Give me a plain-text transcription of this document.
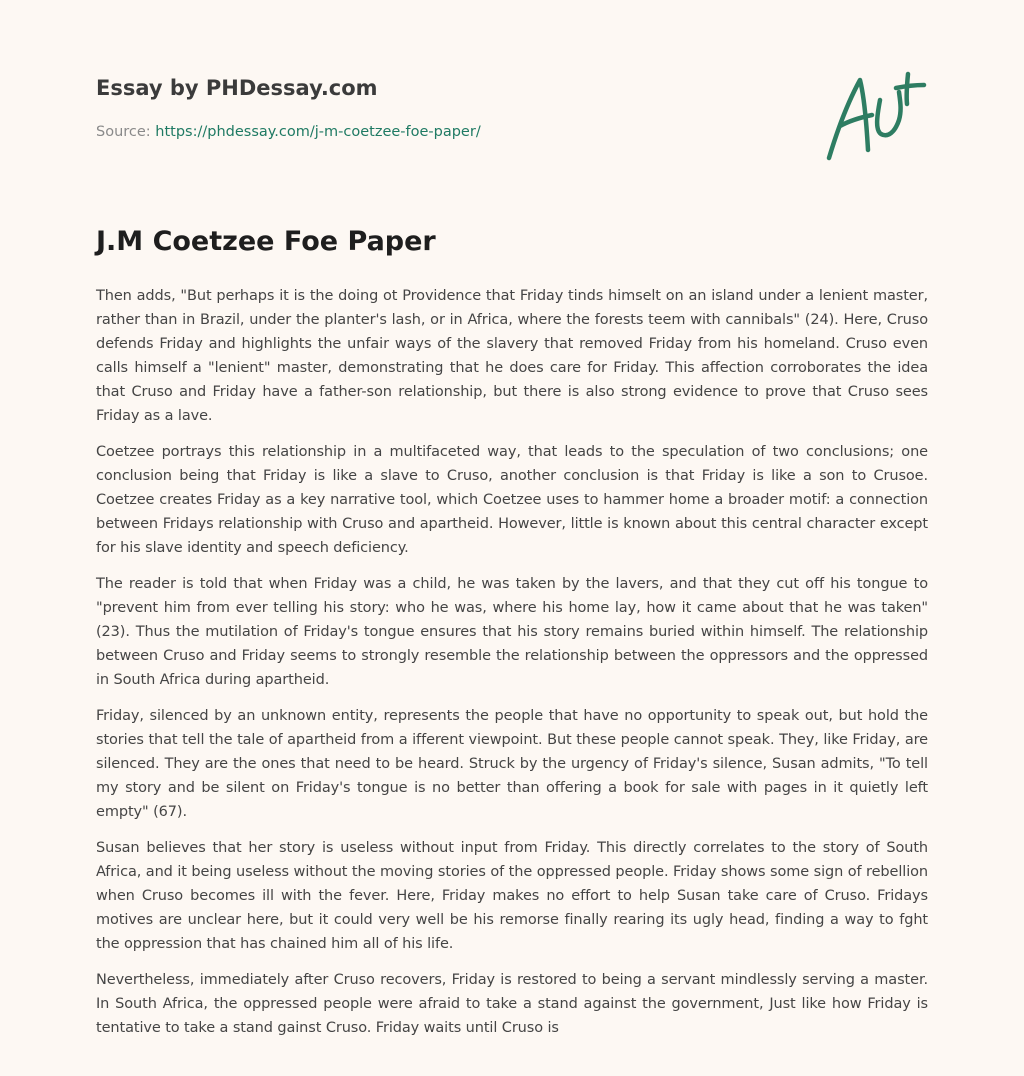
Essay by PHDessay.com

Source: https://phdessay.com/j-m-coetzee-foe-paper/

J.M Coetzee Foe Paper

Then adds, "But perhaps it is the doing ot Providence that Friday tinds himselt on an island under a lenient master, rather than in Brazil, under the planter's lash, or in Africa, where the forests teem with cannibals" (24). Here, Cruso defends Friday and highlights the unfair ways of the slavery that removed Friday from his homeland. Cruso even calls himself a "lenient" master, demonstrating that he does care for Friday. This affection corroborates the idea that Cruso and Friday have a father-son relationship, but there is also strong evidence to prove that Cruso sees Friday as a lave.

Coetzee portrays this relationship in a multifaceted way, that leads to the speculation of two conclusions; one conclusion being that Friday is like a slave to Cruso, another conclusion is that Friday is like a son to Crusoe. Coetzee creates Friday as a key narrative tool, which Coetzee uses to hammer home a broader motif: a connection between Fridays relationship with Cruso and apartheid. However, little is known about this central character except for his slave identity and speech deficiency.

The reader is told that when Friday was a child, he was taken by the lavers, and that they cut off his tongue to "prevent him from ever telling his story: who he was, where his home lay, how it came about that he was taken" (23). Thus the mutilation of Friday's tongue ensures that his story remains buried within himself. The relationship between Cruso and Friday seems to strongly resemble the relationship between the oppressors and the oppressed in South Africa during apartheid.

Friday, silenced by an unknown entity, represents the people that have no opportunity to speak out, but hold the stories that tell the tale of apartheid from a ifferent viewpoint. But these people cannot speak. They, like Friday, are silenced. They are the ones that need to be heard. Struck by the urgency of Friday's silence, Susan admits, "To tell my story and be silent on Friday's tongue is no better than offering a book for sale with pages in it quietly left empty" (67).

Susan believes that her story is useless without input from Friday. This directly correlates to the story of South Africa, and it being useless without the moving stories of the oppressed people. Friday shows some sign of rebellion when Cruso becomes ill with the fever. Here, Friday makes no effort to help Susan take care of Cruso. Fridays motives are unclear here, but it could very well be his remorse finally rearing its ugly head, finding a way to fght the oppression that has chained him all of his life.

Nevertheless, immediately after Cruso recovers, Friday is restored to being a servant mindlessly serving a master. In South Africa, the oppressed people were afraid to take a stand against the government, Just like how Friday is tentative to take a stand gainst Cruso. Friday waits until Cruso is
